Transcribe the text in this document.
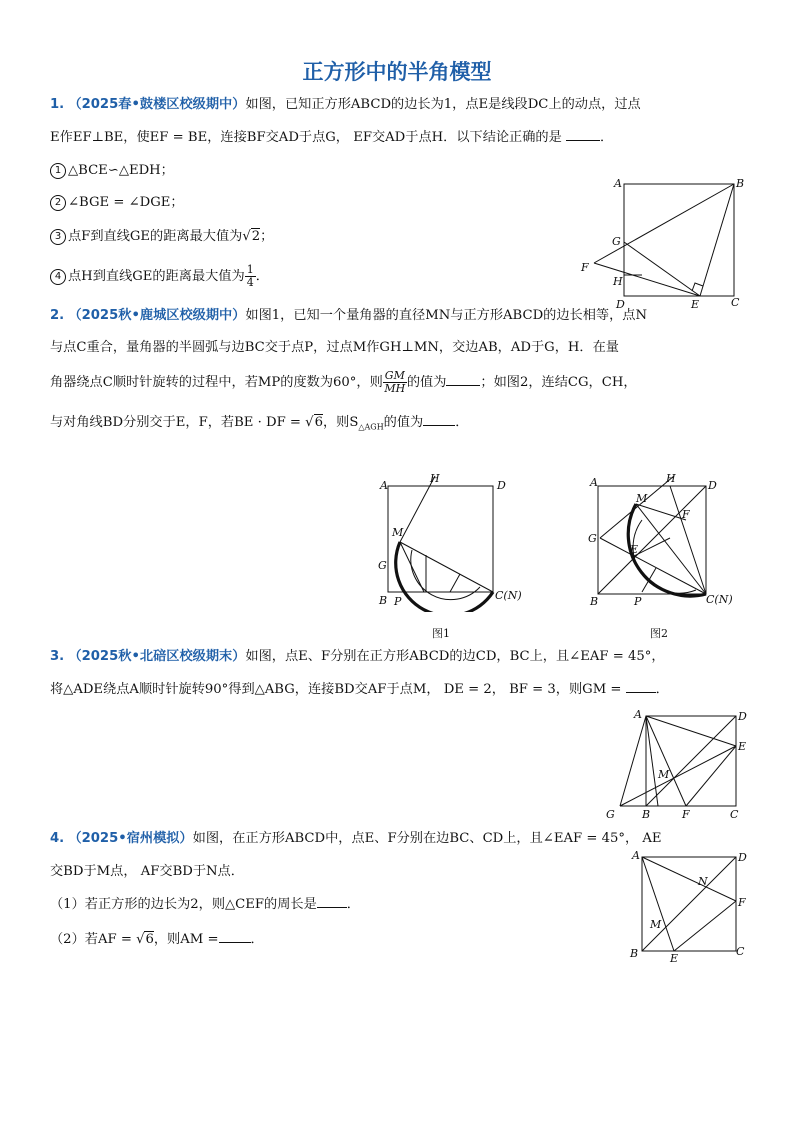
正方形中的半角模型
1. （2025春•鼓楼区校级期中）如图，已知正方形ABCD的边长为1，点E是线段DC上的动点，过点
E作EF⊥BE，使EF = BE，连接BF交AD于点G， EF交AD于点H．以下结论正确的是	．
1 △BCE∽△EDH；
2 ∠BGE = ∠DGE；
3 点F到直线GE的距离最大值为√2；
4 点H到直线GE的距离最大值为 $\frac{1}{4}$ ．
A	B
C
D	E
F
G
H
2. （2025秋•鹿城区校级期中）如图1，已知一个量角器的直径MN与正方形ABCD的边长相等，点N
与点C重合，量角器的半圆弧与边BC交于点P，过点M作GH⊥MN，交边AB，AD于G，H．在量
角器绕点C顺时针旋转的过程中，若MP的度数为60°，则 $\frac{GM}{MH}$ 的值为	；如图2，连结CG，CH，
与对角线BD分别交于E，F，若BE · DF = √6，则$S_{\triangle AGH}$的值为 ．
A
H
D
M
G
B P	C(N)
图1
A	H
D
M
F
G
E
B	P	C(N)
图2
3. （2025秋•北碚区校级期末）如图，点E、F分别在正方形ABCD的边CD，BC上，且∠EAF = 45°，
将△ADE绕点A顺时针旋转90°得到△ABG，连接BD交AF于点M， DE = 2， BF = 3，则GM =	．
A	D
E
M
G B	F	C
4. （2025•宿州模拟）如图，在正方形ABCD中，点E、F分别在边BC、CD上，且∠EAF = 45°， AE
交BD于M点， AF交BD于N点．
（1）若正方形的边长为2，则△CEF的周长是 ．
（2）若AF = √6，则AM = ．
A	D
N
F
M
B	E
C
